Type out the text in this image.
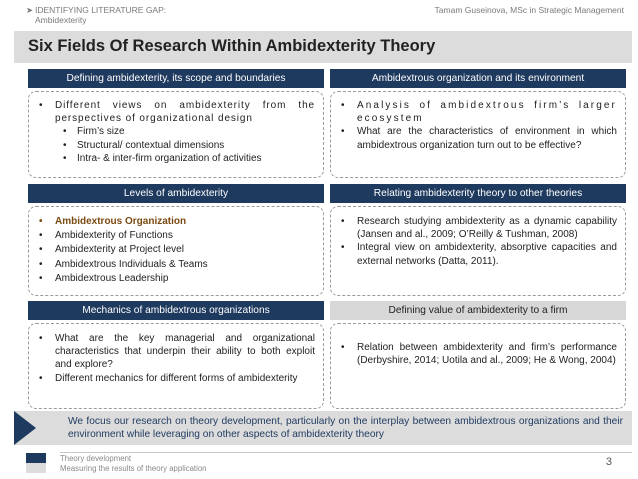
➤ IDENTIFYING LITERATURE GAP:
Ambidexterity
Tamam Guseinova, MSc in Strategic Management
Six Fields Of Research Within Ambidexterity Theory
Defining ambidexterity, its scope and boundaries
• Different views on ambidexterity from the perspectives of organizational design
• Firm’s size
• Structural/ contextual dimensions
• Intra- & inter-firm organization of activities
Ambidextrous organization and its environment
• Analysis of ambidextrous firm’s larger ecosystem
• What are the characteristics of environment in which ambidextrous organization turn out to be effective?
Levels of ambidexterity
• Ambidextrous Organization
• Ambidexterity of Functions
• Ambidexterity at Project level
• Ambidextrous Individuals & Teams
• Ambidextrous Leadership
Relating ambidexterity theory to other theories
• Research studying ambidexterity as a dynamic capability (Jansen and al., 2009; O’Reilly & Tushman, 2008)
• Integral view on ambidexterity, absorptive capacities and external networks (Datta, 2011).
Mechanics of ambidextrous organizations
• What are the key managerial and organizational characteristics that underpin their ability to both exploit and explore?
• Different mechanics for different forms of ambidexterity
Defining value of ambidexterity to a firm
• Relation between ambidexterity and firm’s performance (Derbyshire, 2014; Uotila and al., 2009; He & Wong, 2004)
We focus our research on theory development, particularly on the interplay between ambidextrous organizations and their environment while leveraging on other aspects of ambidexterity theory
Theory development
Measuring the results of theory application
3
